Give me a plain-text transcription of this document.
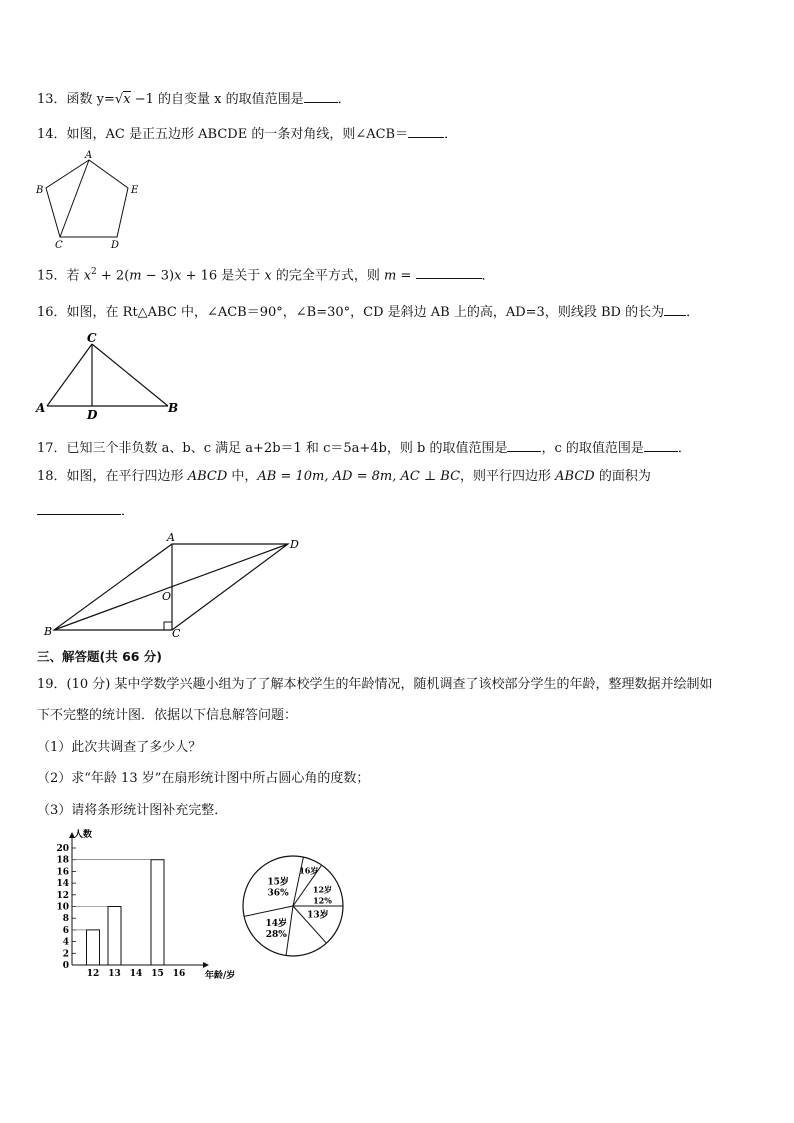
13．函数 y=√x −1 的自变量 x 的取值范围是	．
14．如图，AC 是正五边形 ABCDE 的一条对角线，则∠ACB＝	．
A
B	E
C	D
15．若 $x^2 + 2(m - 3)x + 16$ 是关于 x 的完全平方式，则 m =	．
16．如图，在 Rt△ABC 中，∠ACB＝90°，∠B=30°，CD 是斜边 AB 上的高，AD=3，则线段 BD 的长为 ．
C
A	D	B
17．已知三个非负数 a、b、c 满足 a+2b＝1 和 c＝5a+4b，则 b 的取值范围是	，c 的取值范围是	．
18．如图，在平行四边形 ABCD 中，AB = 10m, AD = 8m, AC ⊥ BC，则平行四边形 ABCD 的面积为
．
A
D
O
B	C
三、解答题(共 66 分)
19．(10 分) 某中学数学兴趣小组为了了解本校学生的年龄情况，随机调查了该校部分学生的年龄，整理数据并绘制如
下不完整的统计图．依据以下信息解答问题：
（1）此次共调查了多少人？
（2）求“年龄 13 岁”在扇形统计图中所占圆心角的度数；
（3）请将条形统计图补充完整．
0
2
4
6
8
10
12
14
16
18
20
人数
12 13 14 15 16 年龄/岁
15岁
36%
16岁
12岁
12%
13岁
14岁
28%
